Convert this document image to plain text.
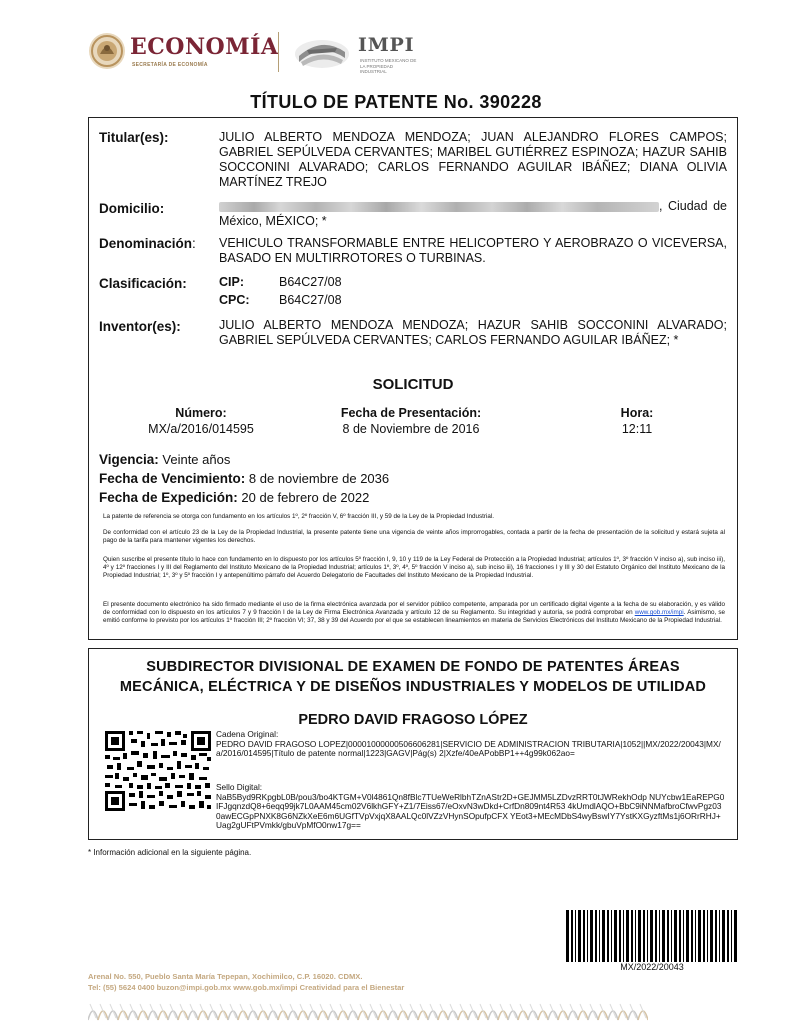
ECONOMÍA
SECRETARÍA DE ECONOMÍA
IMPI
INSTITUTO MEXICANO DE LA PROPIEDAD INDUSTRIAL
TÍTULO DE PATENTE No. 390228
Titular(es):	JULIO ALBERTO MENDOZA MENDOZA; JUAN ALEJANDRO FLORES CAMPOS; GABRIEL SEPÚLVEDA CERVANTES; MARIBEL GUTIÉRREZ ESPINOZA; HAZUR SAHIB SOCCONINI ALVARADO; CARLOS FERNANDO AGUILAR IBÁÑEZ; DIANA OLIVIA MARTÍNEZ TREJO
Domicilio:	, Ciudad de México, MÉXICO; *
Denominación: VEHICULO TRANSFORMABLE ENTRE HELICOPTERO Y AEROBRAZO O VICEVERSA, BASADO EN MULTIRROTORES O TURBINAS.
Clasificación:	CIP:	B64C27/08
CPC: B64C27/08
Inventor(es):	JULIO ALBERTO MENDOZA MENDOZA; HAZUR SAHIB SOCCONINI ALVARADO; GABRIEL SEPÚLVEDA CERVANTES; CARLOS FERNANDO AGUILAR IBÁÑEZ; *
SOLICITUD
Número:
MX/a/2016/014595
Fecha de Presentación:
8 de Noviembre de 2016
Hora:
12:11
Vigencia: Veinte años
Fecha de Vencimiento: 8 de noviembre de 2036
Fecha de Expedición: 20 de febrero de 2022
La patente de referencia se otorga con fundamento en los artículos 1º, 2º fracción V, 6º fracción III, y 59 de la Ley de la Propiedad Industrial.
De conformidad con el artículo 23 de la Ley de la Propiedad Industrial, la presente patente tiene una vigencia de veinte años improrrogables, contada a partir de la fecha de presentación de la solicitud y estará sujeta al pago de la tarifa para mantener vigentes los derechos.
Quien suscribe el presente título lo hace con fundamento en lo dispuesto por los artículos 5º fracción I, 9, 10 y 119 de la Ley Federal de Protección a la Propiedad Industrial; artículos 1º, 3º fracción V inciso a), sub inciso iii), 4º y 12º fracciones I y III del Reglamento del Instituto Mexicano de la Propiedad Industrial; artículos 1º, 3º, 4º, 5º fracción V inciso a), sub inciso iii), 16 fracciones I y III y 30 del Estatuto Orgánico del Instituto Mexicano de la Propiedad Industrial; 1º, 3º y 5º fracción I y antepenúltimo párrafo del Acuerdo Delegatorio de Facultades del Instituto Mexicano de la Propiedad Industrial.
El presente documento electrónico ha sido firmado mediante el uso de la firma electrónica avanzada por el servidor público competente, amparada por un certificado digital vigente a la fecha de su elaboración, y es válido de conformidad con lo dispuesto en los artículos 7 y 9 fracción I de la Ley de Firma Electrónica Avanzada y artículo 12 de su Reglamento. Su integridad y autoría, se podrá comprobar en www.gob.mx/impi. Asimismo, se emitió conforme lo previsto por los artículos 1º fracción III; 2º fracción VI; 37, 38 y 39 del Acuerdo por el que se establecen lineamientos en materia de Servicios Electrónicos del Instituto Mexicano de la Propiedad Industrial.
SUBDIRECTOR DIVISIONAL DE EXAMEN DE FONDO DE PATENTES ÁREAS
MECÁNICA, ELÉCTRICA Y DE DISEÑOS INDUSTRIALES Y MODELOS DE UTILIDAD
PEDRO DAVID FRAGOSO LÓPEZ
Cadena Original:
PEDRO DAVID FRAGOSO LOPEZ|00001000000506606281|SERVICIO DE ADMINISTRACION TRIBUTARIA|1052||MX/2022/20043|MX/a/2016/014595|Título de patente normal|1223|GAGV|Pág(s) 2|Xzfe/40eAPobBP1++4g99k062ao=
Sello Digital:
NaB5Byd9RKpgbL0B/pou3/bo4KTGM+V0l4861Qn8fBlc7TUeWeRlbhTZnAStr2D+GEJMM5LZDvzRRT0tJWRekhOdp NUYcbw1EaREPG0IFJgqnzdQ8+6eqq99jk7L0AAM45cm02V6lkhGFY+Z1/7Eiss67/eOxvN3wDkd+CrfDn809nt4R53 4kUmdlAQO+BbC9iNNMafbroCfwvPgz030awECGpPNXK8G6NZkXeE6m6UGfTVpVxjqX8AALQc0lVZzVHynSOpufpCFX YEot3+MEcMDbS4wyBswIY7YstKXGyzftMs1j6ORrRHJ+Uag2gUFtPVmkk/gbuVpMfO0nw17g==
* Información adicional en la siguiente página.
MX/2022/20043
Arenal No. 550, Pueblo Santa María Tepepan, Xochimilco, C.P. 16020. CDMX.
Tel: (55) 5624 0400 buzon@impi.gob.mx www.gob.mx/impi Creatividad para el Bienestar
